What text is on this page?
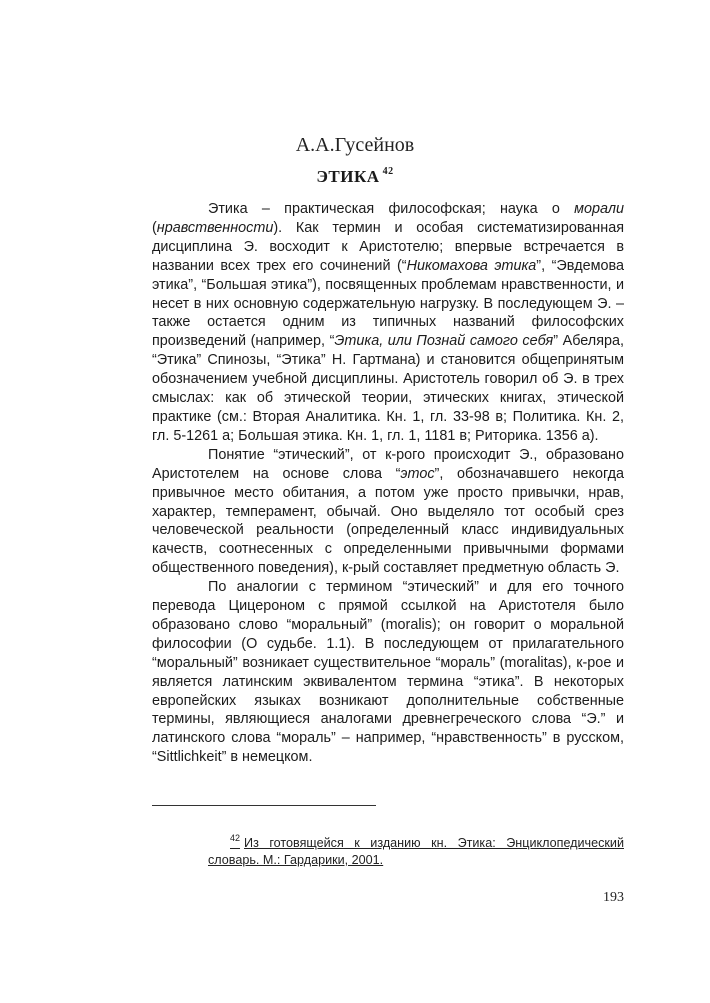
А.А.Гусейнов
ЭТИКА $^{42}$

Этика – практическая философская; наука о морали (нравственности). Как термин и особая систематизированная дисциплина Э. восходит к Аристотелю; впервые встречается в названии всех трех его сочинений (“Никомахова этика”, “Эвдемова этика”, “Большая этика”), посвященных проблемам нравственности, и несет в них основную содержательную нагрузку. В последующем Э. – также остается одним из типичных названий философских произведений (например, “Этика, или Познай самого себя” Абеляра, “Этика” Спинозы, “Этика” Н. Гартмана) и становится общепринятым обозначением учебной дисциплины. Аристотель говорил об Э. в трех смыслах: как об этической теории, этических книгах, этической практике (см.: Вторая Аналитика. Кн. 1, гл. 33-98 в; Политика. Кн. 2, гл. 5-1261 а; Большая этика. Кн. 1, гл. 1, 1181 в; Риторика. 1356 а).

Понятие “этический”, от к-рого происходит Э., образовано Аристотелем на основе слова “этос”, обозначавшего некогда привычное место обитания, а потом уже просто привычки, нрав, характер, темперамент, обычай. Оно выделяло тот особый срез человеческой реальности (определенный класс индивидуальных качеств, соотнесенных с определенными привычными формами общественного поведения), к-рый составляет предметную область Э.

По аналогии с термином “этический” и для его точного перевода Цицероном с прямой ссылкой на Аристотеля было образовано слово “моральный” (moralis); он говорит о моральной философии (О судьбе. 1.1). В последующем от прилагательного “моральный” возникает существительное “мораль” (moralitas), к-рое и является латинским эквивалентом термина “этика”. В некоторых европейских языках возникают дополнительные собственные термины, являющиеся аналогами древнегреческого слова “Э.” и латинского слова “мораль” – например, “нравственность” в русском, “Sittlichkeit” в немецком.

$^{42}$ Из готовящейся к изданию кн. Этика: Энциклопедический словарь. М.: Гардарики, 2001.
193
